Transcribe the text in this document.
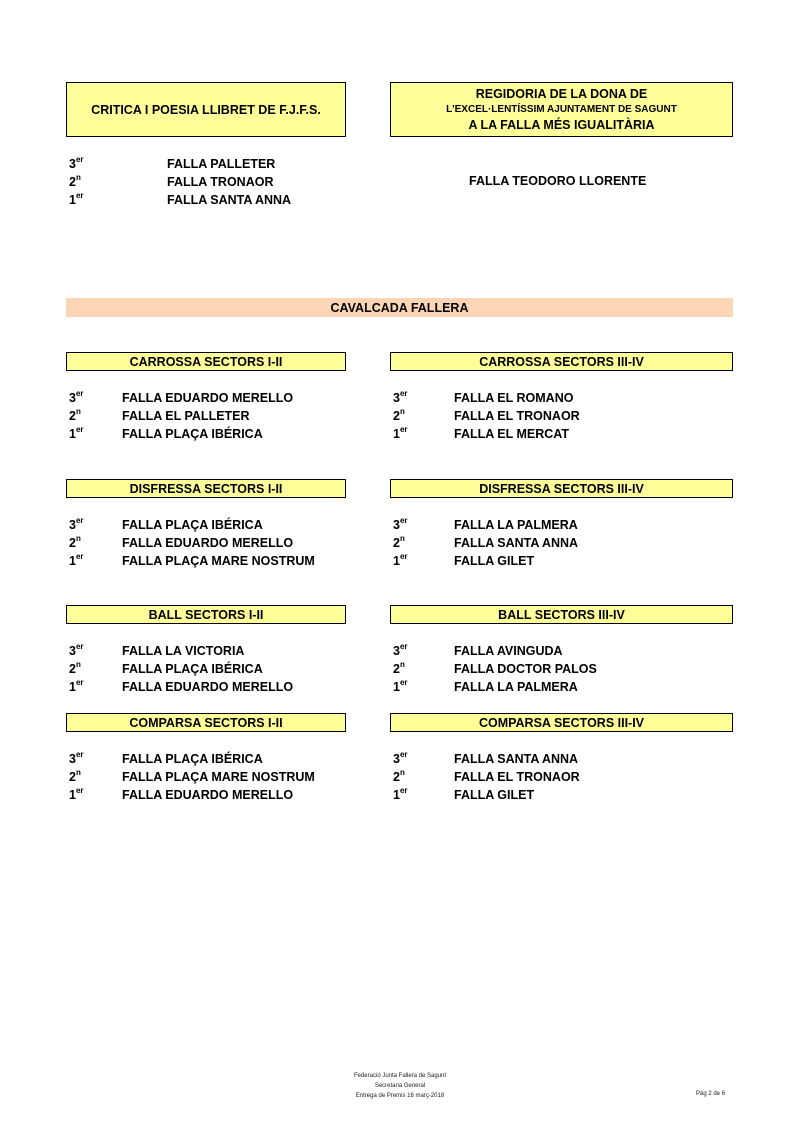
CRITICA I POESIA LLIBRET DE F.J.F.S.
REGIDORIA DE LA DONA DE
L'EXCEL·LENTÍSSIM AJUNTAMENT DE SAGUNT
A LA FALLA MÉS IGUALITÀRIA
3er	FALLA PALLETER
2$^n$	FALLA TRONAOR
1er	FALLA SANTA ANNA
FALLA TEODORO LLORENTE
CAVALCADA FALLERA
CARROSSA SECTORS I-II	CARROSSA SECTORS III-IV
3er	FALLA EDUARDO MERELLO
2$^n$	FALLA EL PALLETER
1er	FALLA PLAÇA IBÉRICA
3er	FALLA EL ROMANO
2$^n$	FALLA EL TRONAOR
1er	FALLA EL MERCAT
DISFRESSA SECTORS I-II	DISFRESSA SECTORS III-IV
3er	FALLA PLAÇA IBÉRICA
2$^n$	FALLA EDUARDO MERELLO
1er	FALLA PLAÇA MARE NOSTRUM
3er	FALLA LA PALMERA
2$^n$	FALLA SANTA ANNA
1er	FALLA GILET
BALL SECTORS I-II	BALL SECTORS III-IV
3er	FALLA LA VICTORIA
2$^n$	FALLA PLAÇA IBÉRICA
1er	FALLA EDUARDO MERELLO
3er	FALLA AVINGUDA
2$^n$	FALLA DOCTOR PALOS
1er	FALLA LA PALMERA
COMPARSA SECTORS I-II	COMPARSA SECTORS III-IV
3er	FALLA PLAÇA IBÉRICA
2$^n$	FALLA PLAÇA MARE NOSTRUM
1er	FALLA EDUARDO MERELLO
3er	FALLA SANTA ANNA
2$^n$	FALLA EL TRONAOR
1er	FALLA GILET
Federació Junta Fallera de Sagunt
Secretaria General
Entrega de Premis 16 març-2018	Pàg 2 de 6
